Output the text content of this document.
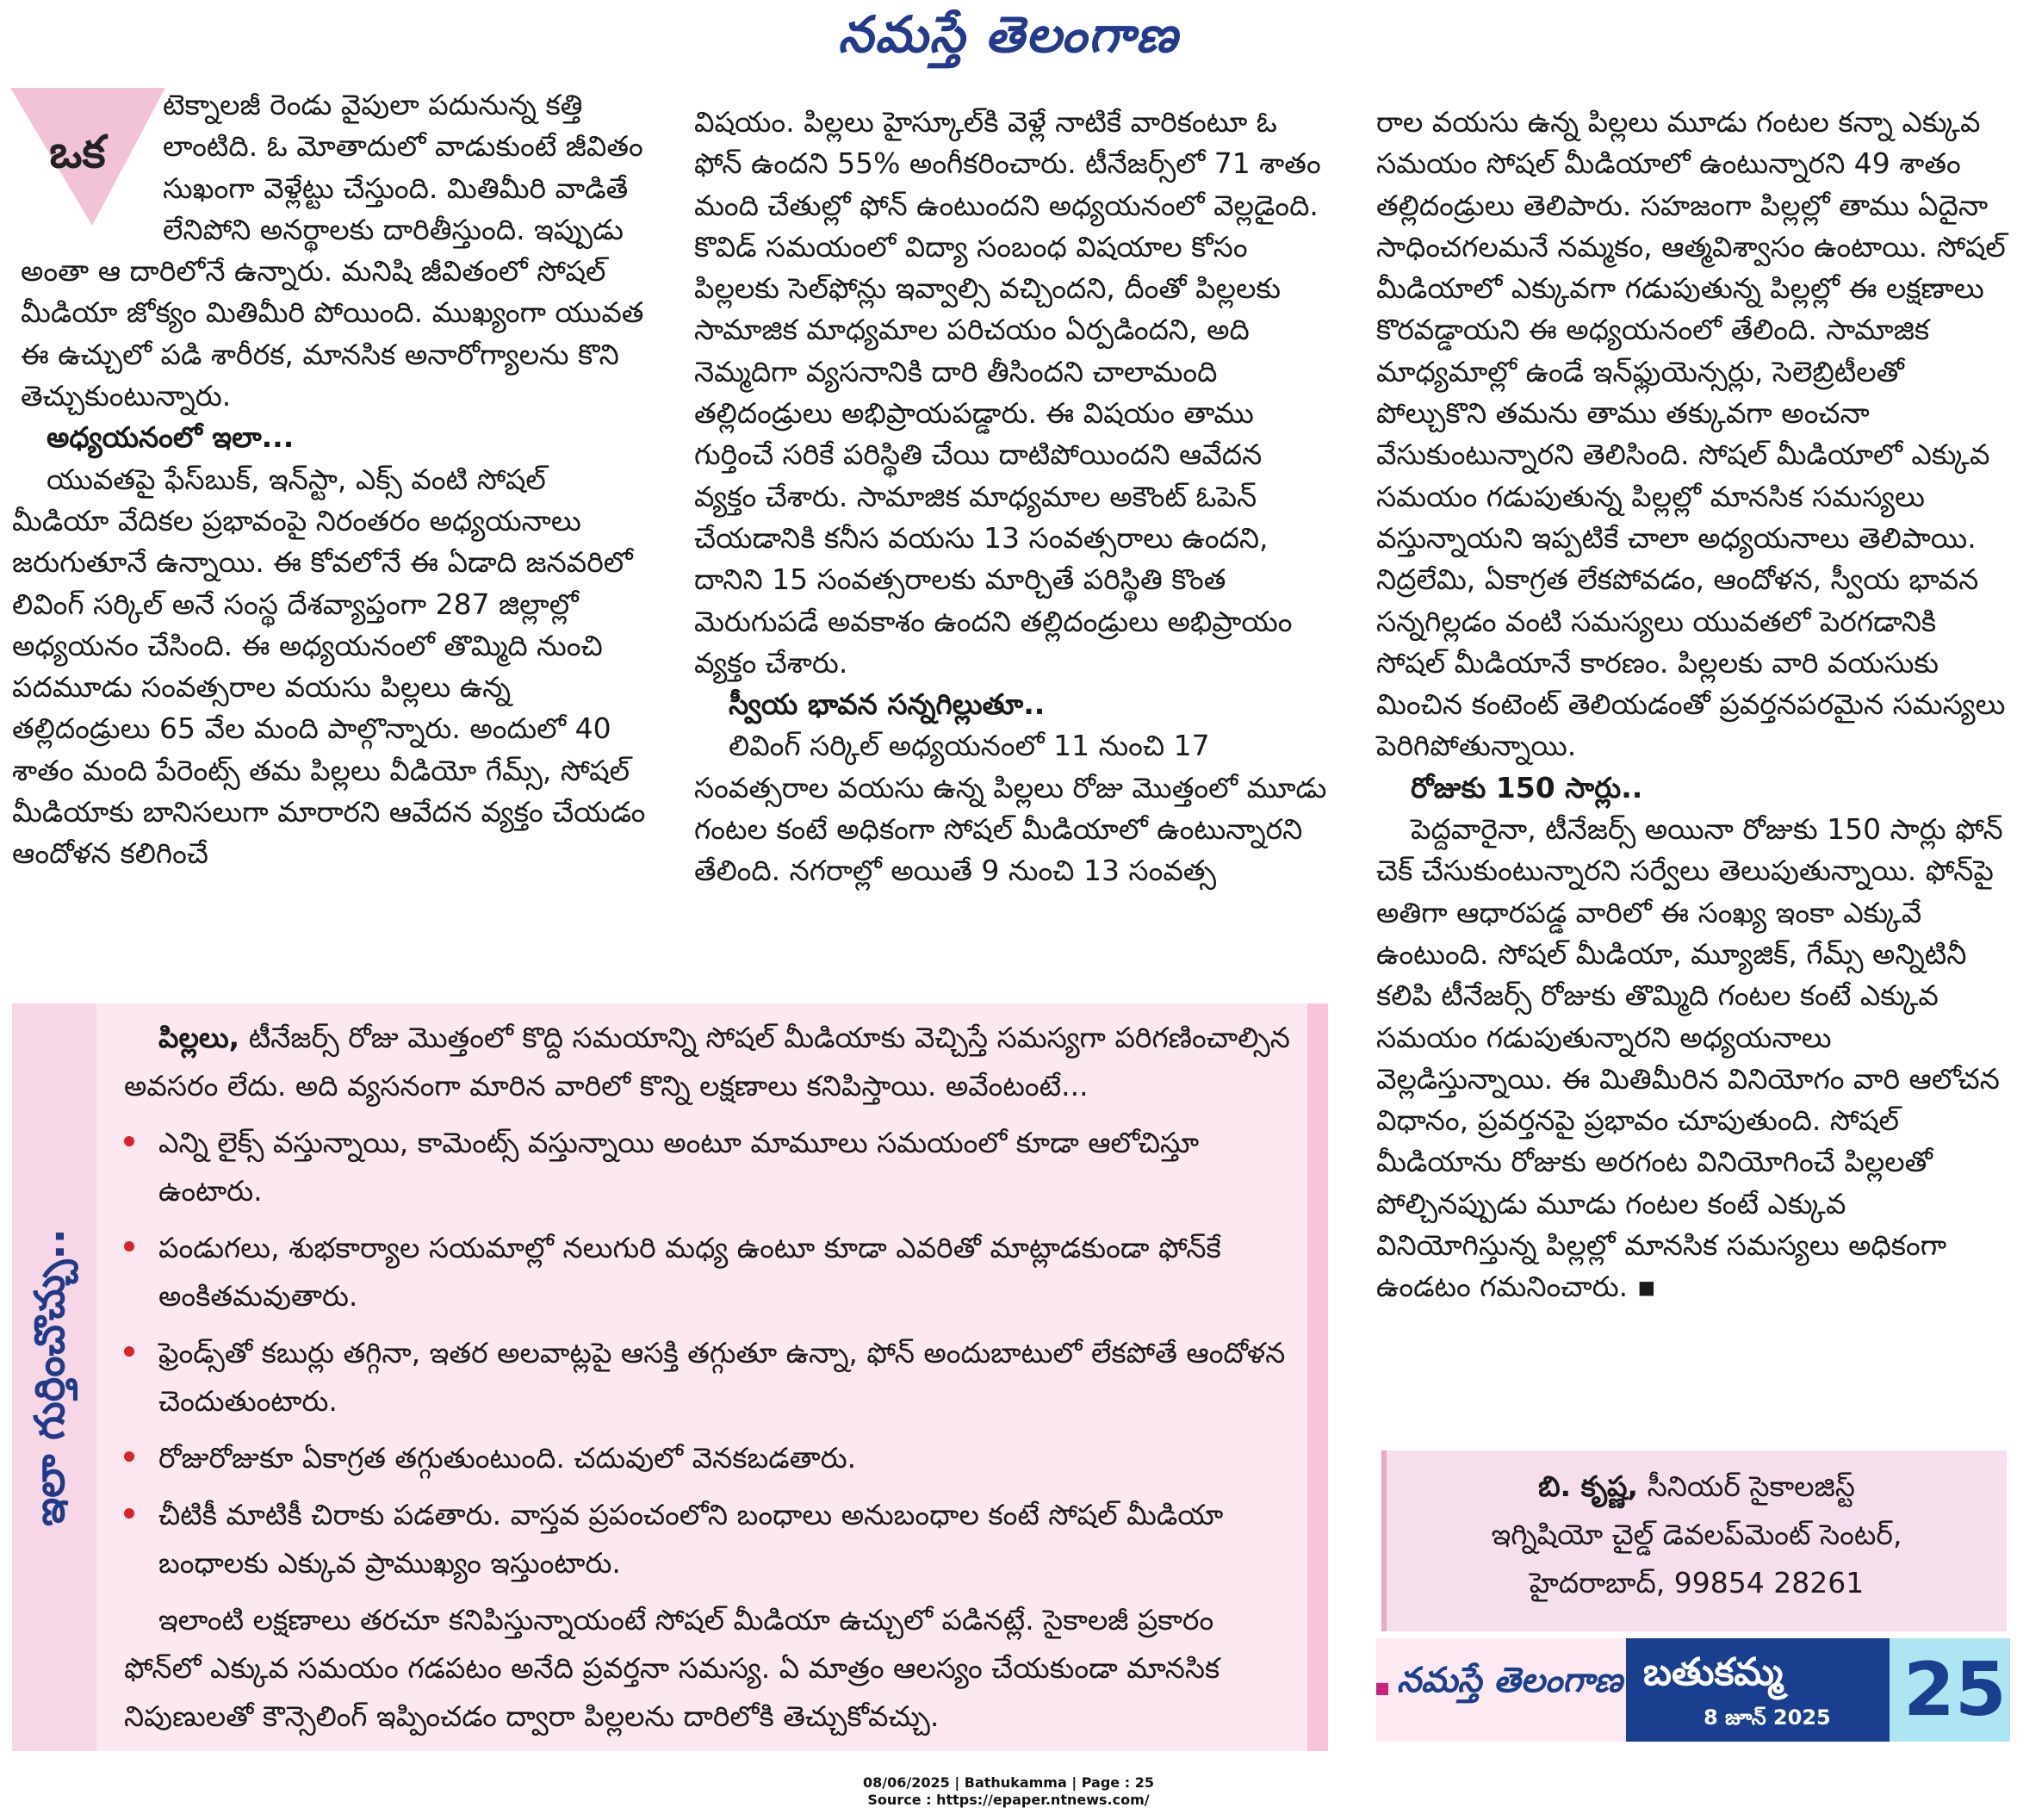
నమస్తే తెలంగాణ
ఒక

టెక్నాలజీ రెండు వైపులా పదునున్న కత్తి లాంటిది. ఓ మోతాదులో వాడుకుంటే జీవితం సుఖంగా వెళ్లేట్టు చేస్తుంది. మితిమీరి వాడితే లేనిపోని అనర్థాలకు దారితీస్తుంది. ఇప్పుడు అంతా ఆ దారిలోనే ఉన్నారు. మనిషి జీవితంలో సోషల్ మీడియా జోక్యం మితిమీరి పోయింది. ముఖ్యంగా యువత ఈ ఉచ్చులో పడి శారీరక, మానసిక అనారోగ్యాలను కొని తెచ్చుకుంటున్నారు.

అధ్యయనంలో ఇలా...

యువతపై ఫేస్‌బుక్, ఇన్‌స్టా, ఎక్స్ వంటి సోషల్ మీడియా వేదికల ప్రభావంపై నిరంతరం అధ్యయనాలు జరుగుతూనే ఉన్నాయి. ఈ కోవలోనే ఈ ఏడాది జనవరిలో లివింగ్ సర్కిల్ అనే సంస్థ దేశవ్యాప్తంగా 287 జిల్లాల్లో అధ్యయనం చేసింది. ఈ అధ్యయనంలో తొమ్మిది నుంచి పదమూడు సంవత్సరాల వయసు పిల్లలు ఉన్న తల్లిదండ్రులు 65 వేల మంది పాల్గొన్నారు. అందులో 40 శాతం మంది పేరెంట్స్ తమ పిల్లలు వీడియో గేమ్స్, సోషల్ మీడియాకు బానిసలుగా మారారని ఆవేదన వ్యక్తం చేయడం ఆందోళన కలిగించే

విషయం. పిల్లలు హైస్కూల్‌కి వెళ్లే నాటికే వారికంటూ ఓ ఫోన్ ఉందని 55% అంగీకరించారు. టీనేజర్స్‌లో 71 శాతం మంది చేతుల్లో ఫోన్ ఉంటుందని అధ్యయనంలో వెల్లడైంది. కొవిడ్ సమయంలో విద్యా సంబంధ విషయాల కోసం పిల్లలకు సెల్‌ఫోన్లు ఇవ్వాల్సి వచ్చిందని, దీంతో పిల్లలకు సామాజిక మాధ్యమాల పరిచయం ఏర్పడిందని, అది నెమ్మదిగా వ్యసనానికి దారి తీసిందని చాలామంది తల్లిదండ్రులు అభిప్రాయపడ్డారు. ఈ విషయం తాము గుర్తించే సరికే పరిస్థితి చేయి దాటిపోయిందని ఆవేదన వ్యక్తం చేశారు. సామాజిక మాధ్యమాల అకౌంట్ ఓపెన్ చేయడానికి కనీస వయసు 13 సంవత్సరాలు ఉందని, దానిని 15 సంవత్సరాలకు మార్చితే పరిస్థితి కొంత మెరుగుపడే అవకాశం ఉందని తల్లిదండ్రులు అభిప్రాయం వ్యక్తం చేశారు.

స్వీయ భావన సన్నగిల్లుతూ..

లివింగ్ సర్కిల్ అధ్యయనంలో 11 నుంచి 17 సంవత్సరాల వయసు ఉన్న పిల్లలు రోజు మొత్తంలో మూడు గంటల కంటే అధికంగా సోషల్ మీడియాలో ఉంటున్నారని తేలింది. నగరాల్లో అయితే 9 నుంచి 13 సంవత్స

రాల వయసు ఉన్న పిల్లలు మూడు గంటల కన్నా ఎక్కువ సమయం సోషల్ మీడియాలో ఉంటున్నారని 49 శాతం తల్లిదండ్రులు తెలిపారు. సహజంగా పిల్లల్లో తాము ఏదైనా సాధించగలమనే నమ్మకం, ఆత్మవిశ్వాసం ఉంటాయి. సోషల్ మీడియాలో ఎక్కువగా గడుపుతున్న పిల్లల్లో ఈ లక్షణాలు కొరవడ్డాయని ఈ అధ్యయనంలో తేలింది. సామాజిక మాధ్యమాల్లో ఉండే ఇన్‌ఫ్లుయెన్సర్లు, సెలెబ్రిటీలతో పోల్చుకొని తమను తాము తక్కువగా అంచనా వేసుకుంటున్నారని తెలిసింది. సోషల్ మీడియాలో ఎక్కువ సమయం గడుపుతున్న పిల్లల్లో మానసిక సమస్యలు వస్తున్నాయని ఇప్పటికే చాలా అధ్యయనాలు తెలిపాయి. నిద్రలేమి, ఏకాగ్రత లేకపోవడం, ఆందోళన, స్వీయ భావన సన్నగిల్లడం వంటి సమస్యలు యువతలో పెరగడానికి సోషల్ మీడియానే కారణం. పిల్లలకు వారి వయసుకు మించిన కంటెంట్ తెలియడంతో ప్రవర్తనపరమైన సమస్యలు పెరిగిపోతున్నాయి.

రోజుకు 150 సార్లు..

పెద్దవారైనా, టీనేజర్స్ అయినా రోజుకు 150 సార్లు ఫోన్ చెక్ చేసుకుంటున్నారని సర్వేలు తెలుపుతున్నాయి. ఫోన్‌పై అతిగా ఆధారపడ్డ వారిలో ఈ సంఖ్య ఇంకా ఎక్కువే ఉంటుంది. సోషల్ మీడియా, మ్యూజిక్, గేమ్స్ అన్నిటినీ కలిపి టీనేజర్స్ రోజుకు తొమ్మిది గంటల కంటే ఎక్కువ సమయం గడుపుతున్నారని అధ్యయనాలు వెల్లడిస్తున్నాయి. ఈ మితిమీరిన వినియోగం వారి ఆలోచన విధానం, ప్రవర్తనపై ప్రభావం చూపుతుంది. సోషల్ మీడియాను రోజుకు అరగంట వినియోగించే పిల్లలతో పోల్చినప్పుడు మూడు గంటల కంటే ఎక్కువ వినియోగిస్తున్న పిల్లల్లో మానసిక సమస్యలు అధికంగా ఉండటం గమనించారు. ▪

ఇలా గుర్తించొచ్చు..

పిల్లలు, టీనేజర్స్ రోజు మొత్తంలో కొద్ది సమయాన్ని సోషల్ మీడియాకు వెచ్చిస్తే సమస్యగా పరిగణించాల్సిన అవసరం లేదు. అది వ్యసనంగా మారిన వారిలో కొన్ని లక్షణాలు కనిపిస్తాయి. అవేంటంటే...

ఎన్ని లైక్స్ వస్తున్నాయి, కామెంట్స్ వస్తున్నాయి అంటూ మామూలు సమయంలో కూడా ఆలోచిస్తూ ఉంటారు.
పండుగలు, శుభకార్యాల సయమాల్లో నలుగురి మధ్య ఉంటూ కూడా ఎవరితో మాట్లాడకుండా ఫోన్‌కే అంకితమవుతారు.
ఫ్రెండ్స్‌తో కబుర్లు తగ్గినా, ఇతర అలవాట్లపై ఆసక్తి తగ్గుతూ ఉన్నా, ఫోన్ అందుబాటులో లేకపోతే ఆందోళన చెందుతుంటారు.
రోజురోజుకూ ఏకాగ్రత తగ్గుతుంటుంది. చదువులో వెనకబడతారు.
చీటికీ మాటికీ చిరాకు పడతారు. వాస్తవ ప్రపంచంలోని బంధాలు అనుబంధాల కంటే సోషల్ మీడియా బంధాలకు ఎక్కువ ప్రాముఖ్యం ఇస్తుంటారు.

ఇలాంటి లక్షణాలు తరచూ కనిపిస్తున్నాయంటే సోషల్ మీడియా ఉచ్చులో పడినట్లే. సైకాలజీ ప్రకారం ఫోన్‌లో ఎక్కువ సమయం గడపటం అనేది ప్రవర్తనా సమస్య. ఏ మాత్రం ఆలస్యం చేయకుండా మానసిక నిపుణులతో కౌన్సెలింగ్ ఇప్పించడం ద్వారా పిల్లలను దారిలోకి తెచ్చుకోవచ్చు.

బి. కృష్ణ, సీనియర్ సైకాలజిస్ట్
ఇగ్నిషియో చైల్డ్ డెవలప్‌మెంట్ సెంటర్,
హైదరాబాద్, 99854 28261
నమస్తే తెలంగాణ బతుకమ్మ
8 జూన్ 2025 25
08/06/2025 | Bathukamma | Page : 25
Source : https://epaper.ntnews.com/
